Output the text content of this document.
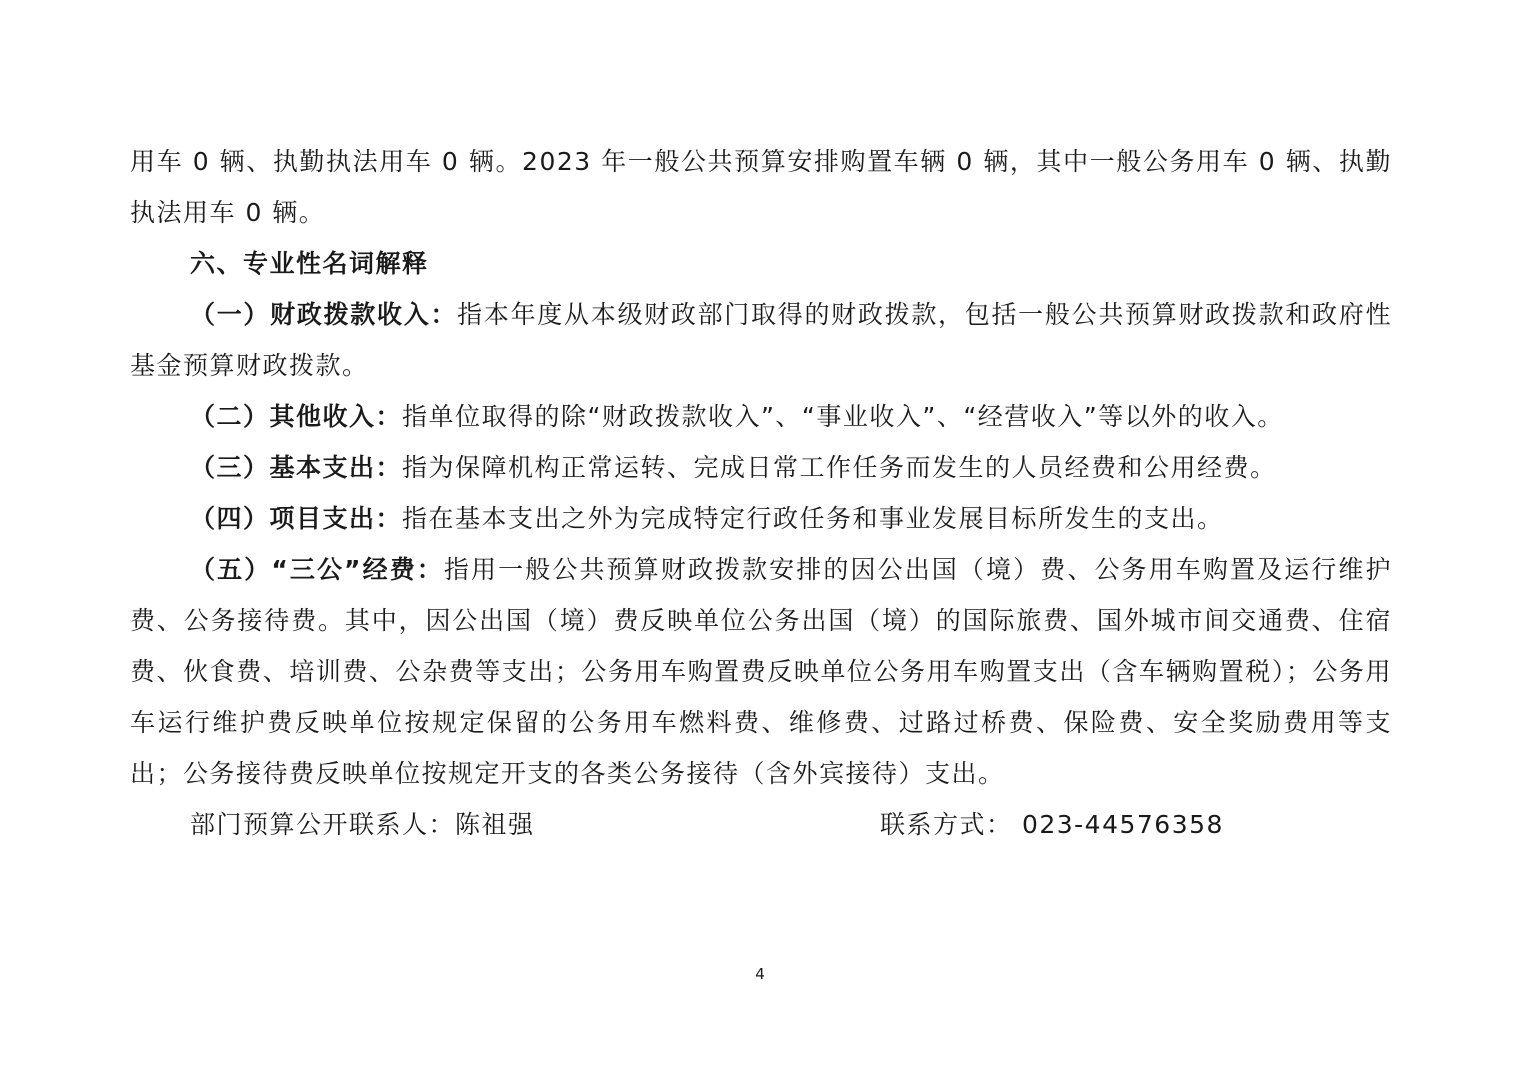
用车 0 辆、执勤执法用车 0 辆。2023 年一般公共预算安排购置车辆 0 辆，其中一般公务用车 0 辆、执勤执法用车 0 辆。

六、专业性名词解释

（一）财政拨款收入：指本年度从本级财政部门取得的财政拨款，包括一般公共预算财政拨款和政府性基金预算财政拨款。

（二）其他收入：指单位取得的除“财政拨款收入”、“事业收入”、“经营收入”等以外的收入。

（三）基本支出：指为保障机构正常运转、完成日常工作任务而发生的人员经费和公用经费。

（四）项目支出：指在基本支出之外为完成特定行政任务和事业发展目标所发生的支出。

（五）“三公”经费：指用一般公共预算财政拨款安排的因公出国（境）费、公务用车购置及运行维护费、公务接待费。其中，因公出国（境）费反映单位公务出国（境）的国际旅费、国外城市间交通费、住宿费、伙食费、培训费、公杂费等支出；公务用车购置费反映单位公务用车购置支出（含车辆购置税）；公务用车运行维护费反映单位按规定保留的公务用车燃料费、维修费、过路过桥费、保险费、安全奖励费用等支出；公务接待费反映单位按规定开支的各类公务接待（含外宾接待）支出。

部门预算公开联系人：陈祖强	联系方式： 023-44576358
4
